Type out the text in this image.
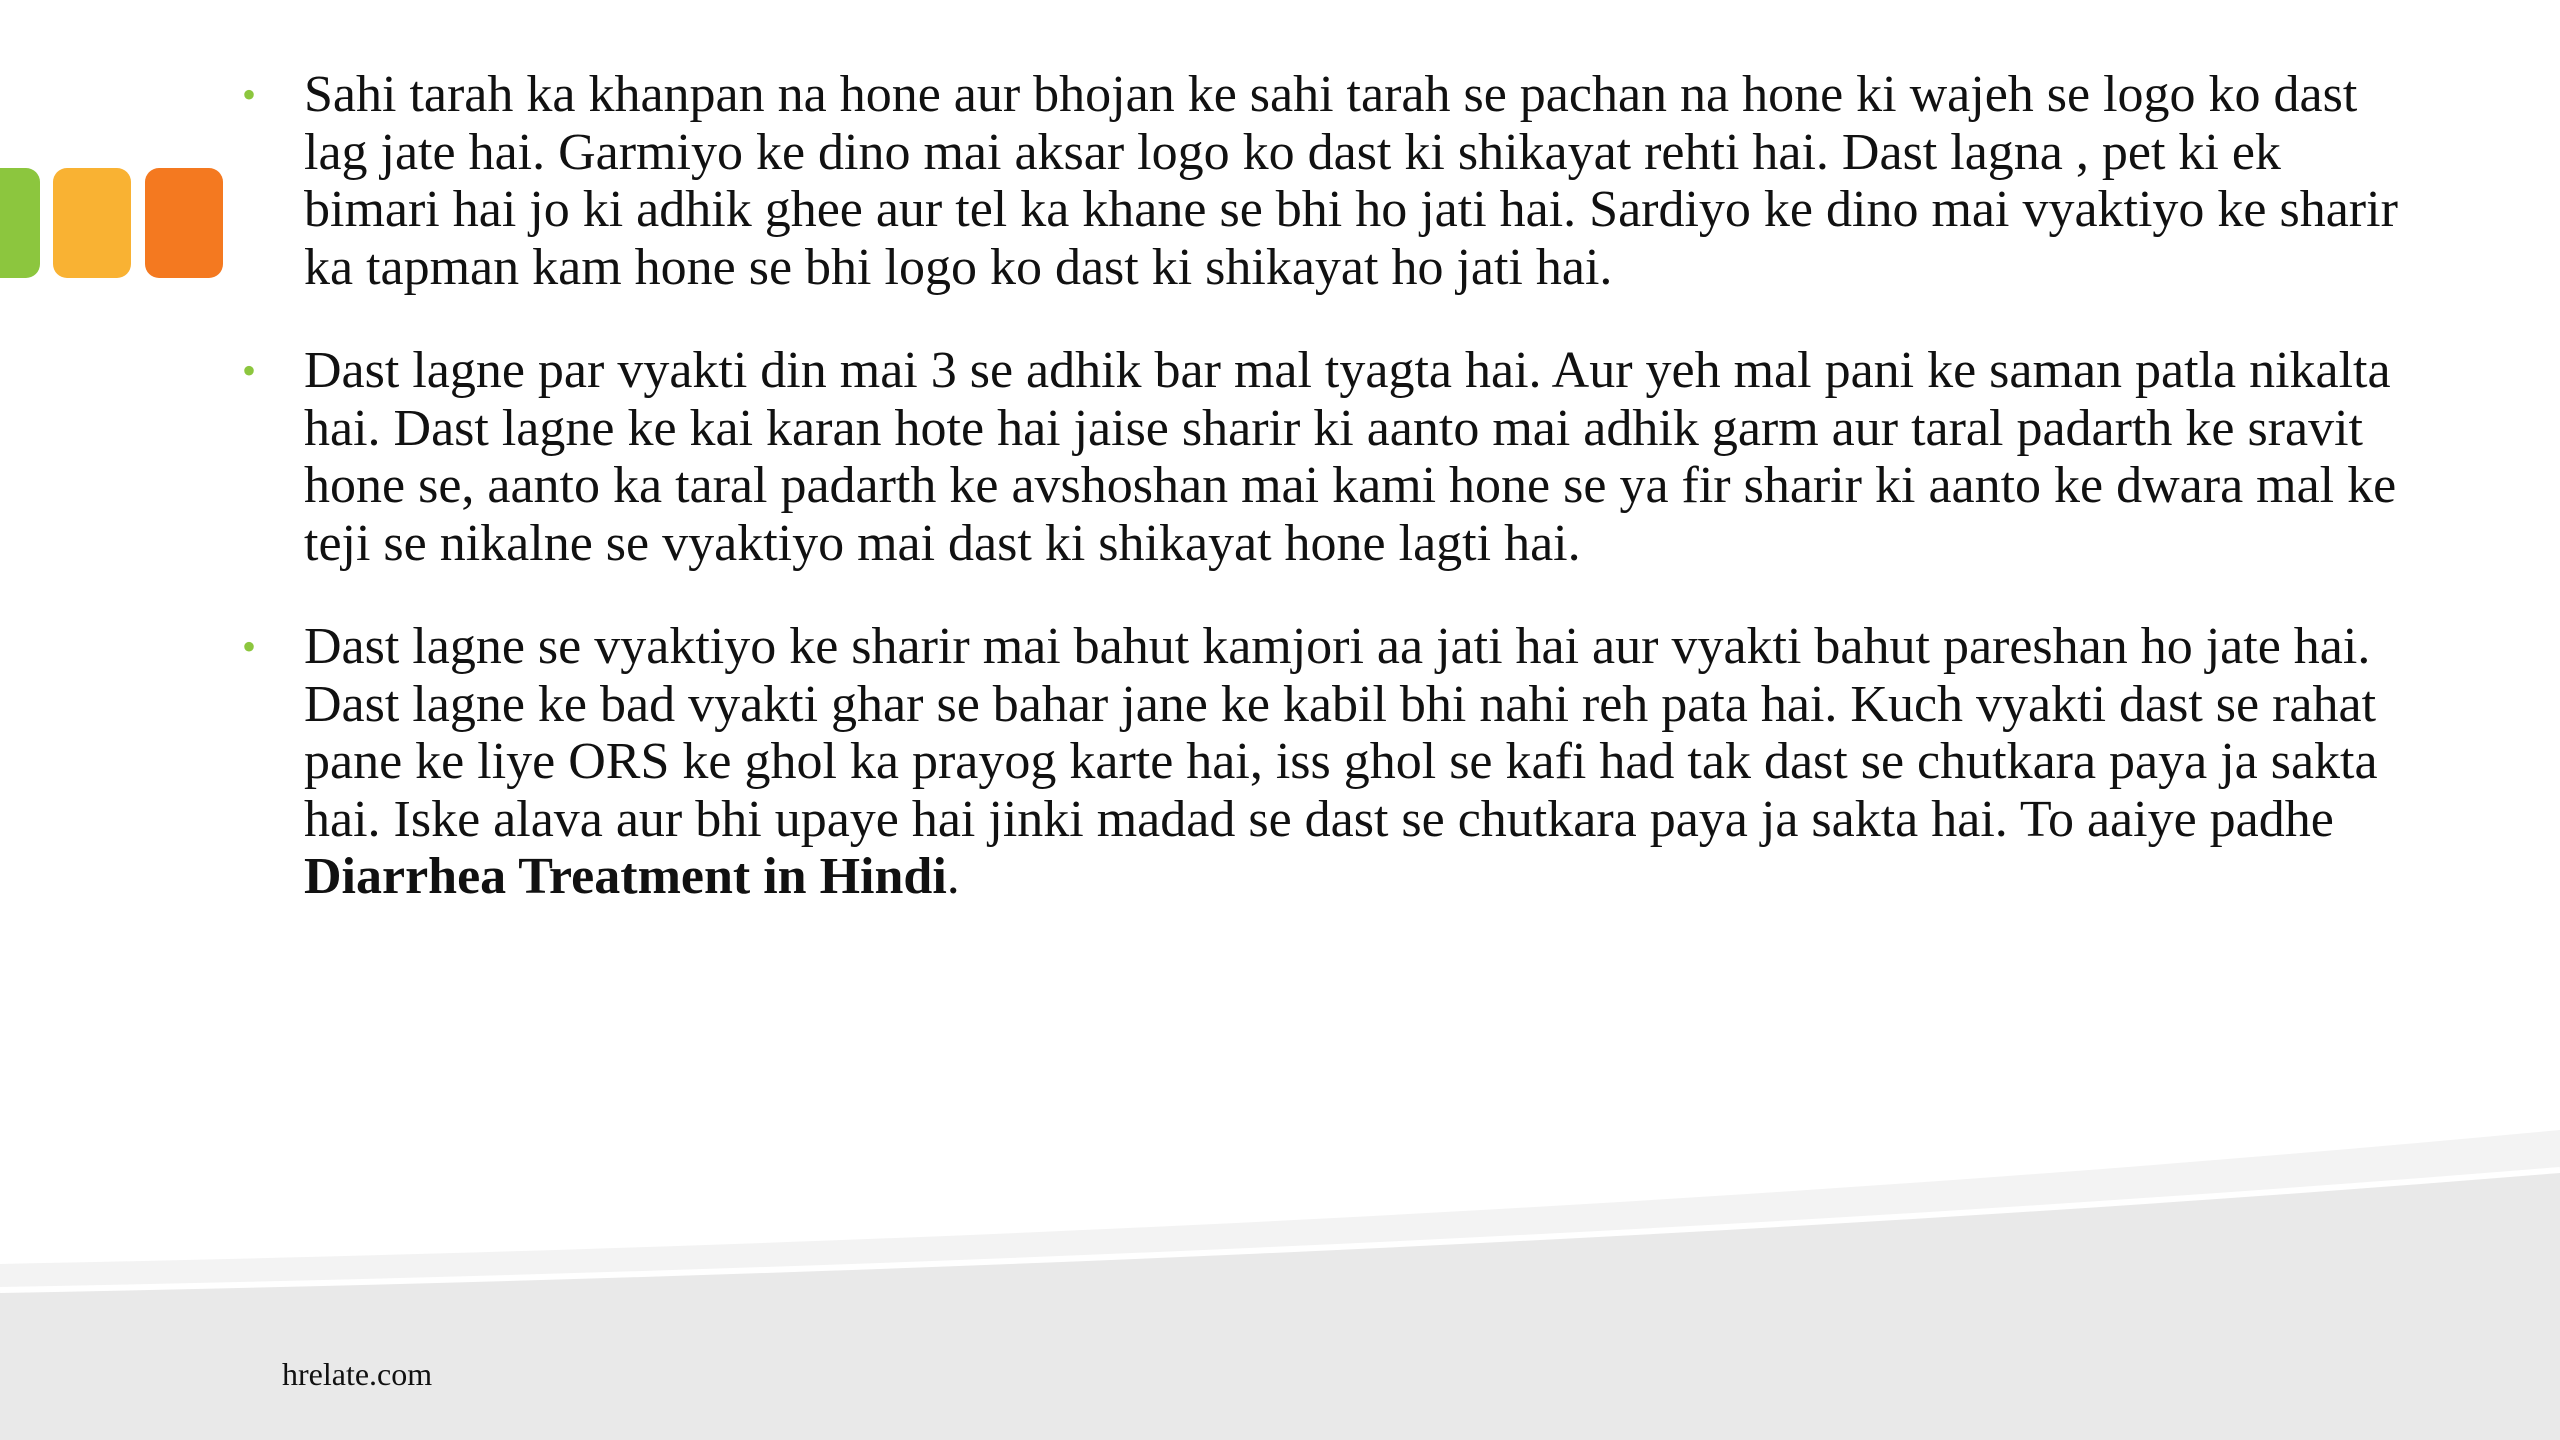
• Sahi tarah ka khanpan na hone aur bhojan ke sahi tarah se pachan na hone ki wajeh se logo ko dast lag jate hai. Garmiyo ke dino mai aksar logo ko dast ki shikayat rehti hai. Dast lagna , pet ki ek bimari hai jo ki adhik ghee aur tel ka khane se bhi ho jati hai. Sardiyo ke dino mai vyaktiyo ke sharir ka tapman kam hone se bhi logo ko dast ki shikayat ho jati hai.
• Dast lagne par vyakti din mai 3 se adhik bar mal tyagta hai. Aur yeh mal pani ke saman patla nikalta hai. Dast lagne ke kai karan hote hai jaise sharir ki aanto mai adhik garm aur taral padarth ke sravit hone se, aanto ka taral padarth ke avshoshan mai kami hone se ya fir sharir ki aanto ke dwara mal ke teji se nikalne se vyaktiyo mai dast ki shikayat hone lagti hai.
• Dast lagne se vyaktiyo ke sharir mai bahut kamjori aa jati hai aur vyakti bahut pareshan ho jate hai. Dast lagne ke bad vyakti ghar se bahar jane ke kabil bhi nahi reh pata hai. Kuch vyakti dast se rahat pane ke liye ORS ke ghol ka prayog karte hai, iss ghol se kafi had tak dast se chutkara paya ja sakta hai. Iske alava aur bhi upaye hai jinki madad se dast se chutkara paya ja sakta hai. To aaiye padhe Diarrhea Treatment in Hindi.
hrelate.com
